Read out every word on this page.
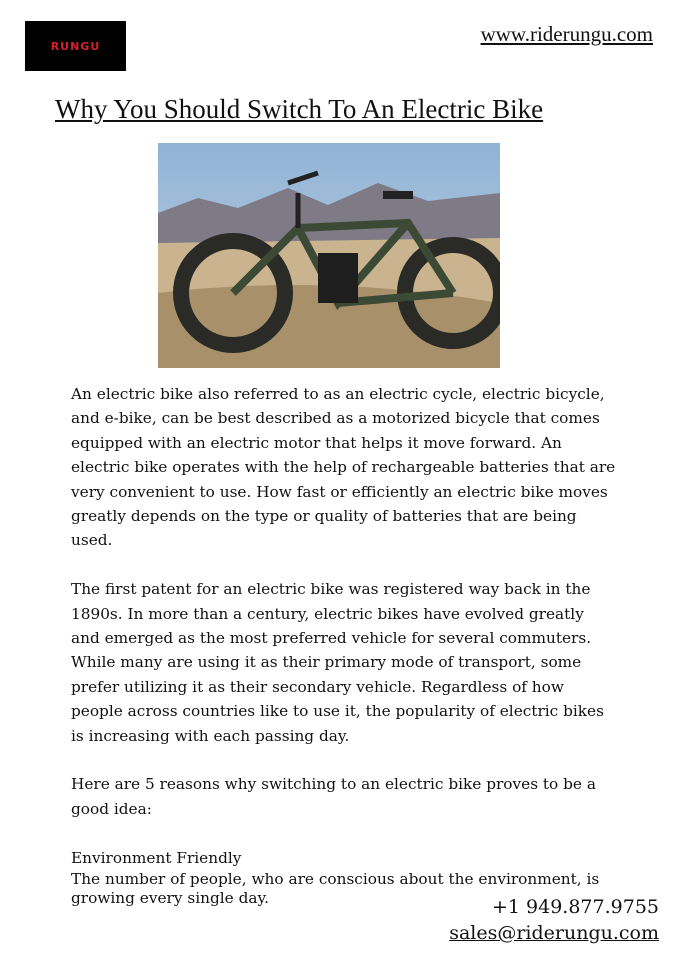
RUNGU	www.riderungu.com
Why You Should Switch To An Electric Bike

An electric bike also referred to as an electric cycle, electric bicycle,
and e-bike, can be best described as a motorized bicycle that comes
equipped with an electric motor that helps it move forward. An
electric bike operates with the help of rechargeable batteries that are
very convenient to use. How fast or efficiently an electric bike moves
greatly depends on the type or quality of batteries that are being
used.

The first patent for an electric bike was registered way back in the
1890s. In more than a century, electric bikes have evolved greatly
and emerged as the most preferred vehicle for several commuters.
While many are using it as their primary mode of transport, some
prefer utilizing it as their secondary vehicle. Regardless of how
people across countries like to use it, the popularity of electric bikes
is increasing with each passing day.

Here are 5 reasons why switching to an electric bike proves to be a
good idea:

Environment Friendly
The number of people, who are conscious about the environment, is
growing every single day.	+1 949.877.9755
sales@riderungu.com
